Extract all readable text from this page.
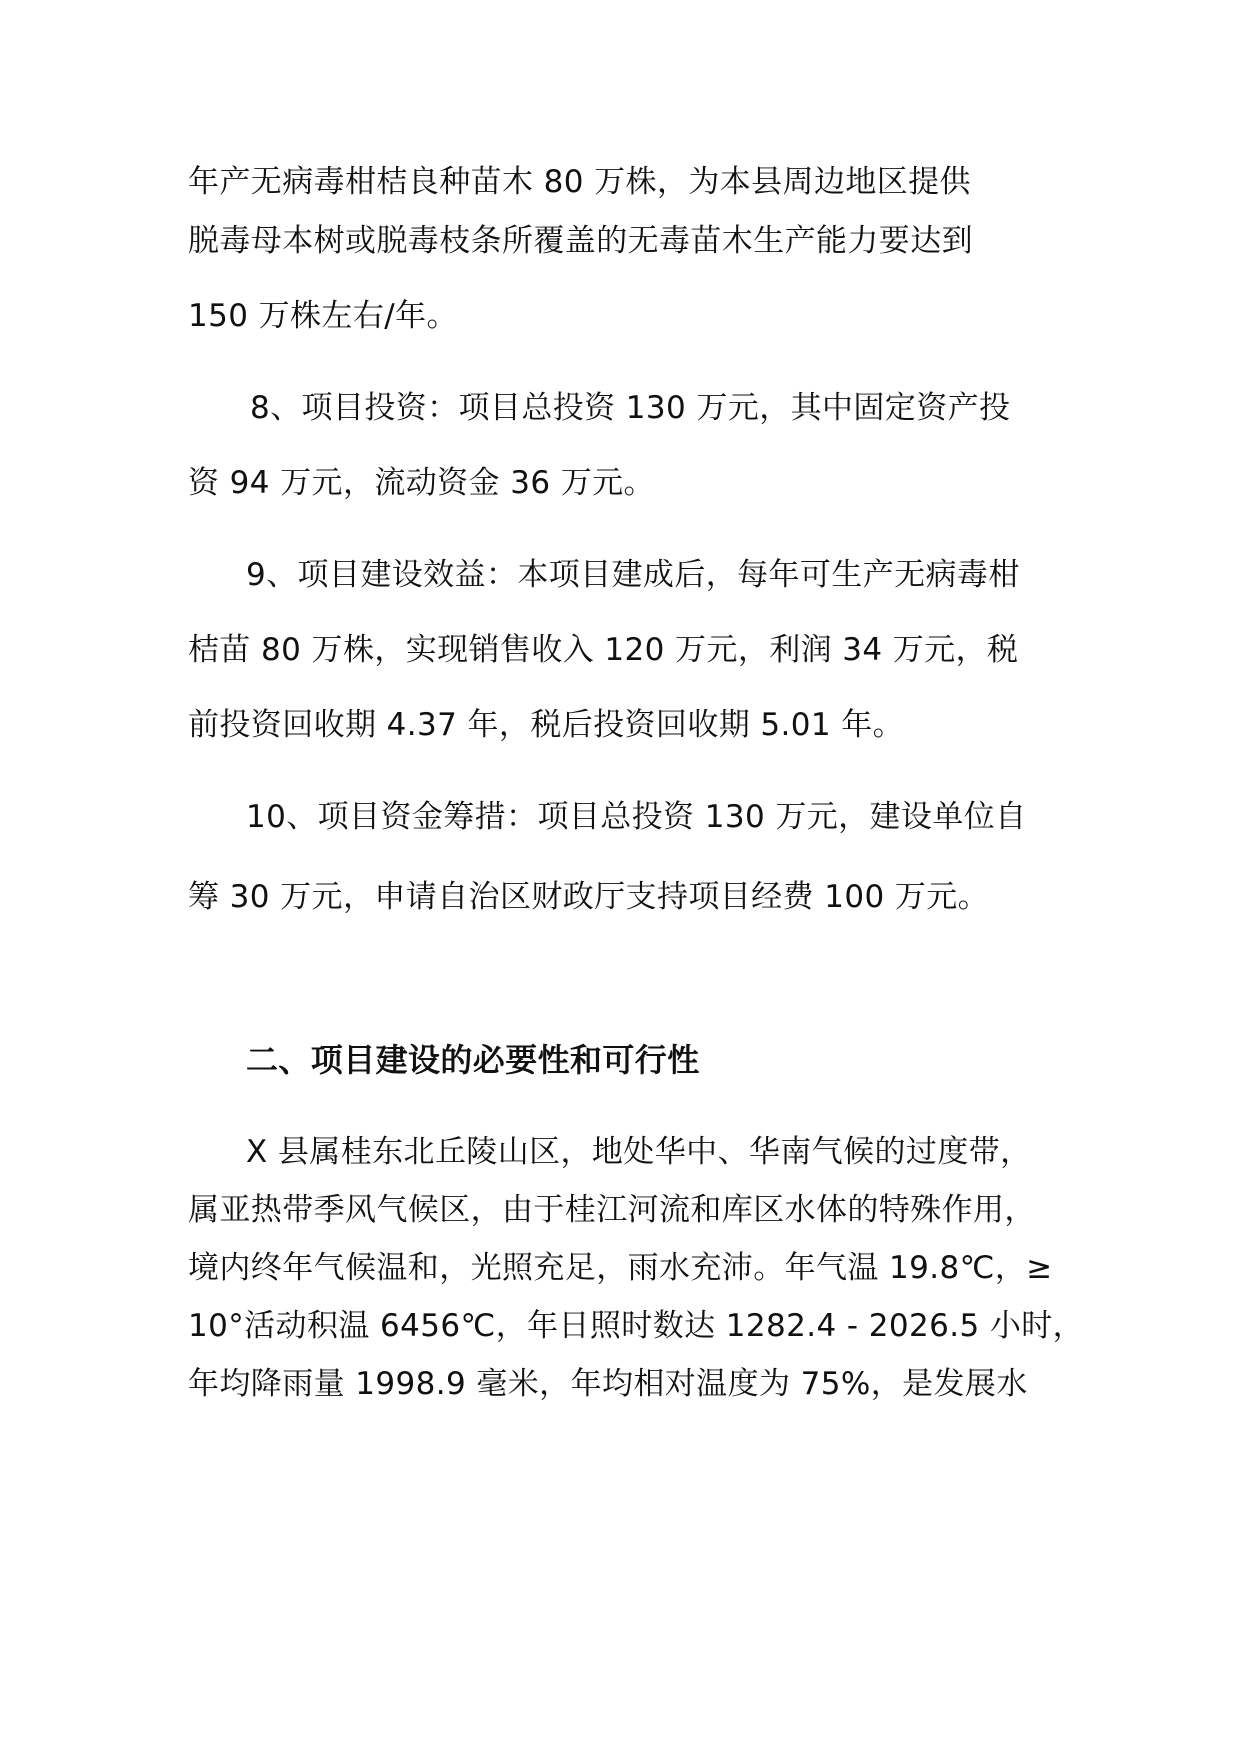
年产无病毒柑桔良种苗木 80 万株，为本县周边地区提供
脱毒母本树或脱毒枝条所覆盖的无毒苗木生产能力要达到
150 万株左右/年。
8、项目投资：项目总投资 130 万元，其中固定资产投
资 94 万元，流动资金 36 万元。
9、项目建设效益：本项目建成后，每年可生产无病毒柑
桔苗 80 万株，实现销售收入 120 万元，利润 34 万元，税
前投资回收期 4.37 年，税后投资回收期 5.01 年。
10、项目资金筹措：项目总投资 130 万元，建设单位自
筹 30 万元，申请自治区财政厅支持项目经费 100 万元。
二、项目建设的必要性和可行性
X 县属桂东北丘陵山区，地处华中、华南气候的过度带，
属亚热带季风气候区，由于桂江河流和库区水体的特殊作用，
境内终年气候温和，光照充足，雨水充沛。年气温 19.8℃，≥
10°活动积温 6456℃，年日照时数达 1282.4 - 2026.5 小时，
年均降雨量 1998.9 毫米，年均相对温度为 75%，是发展水
